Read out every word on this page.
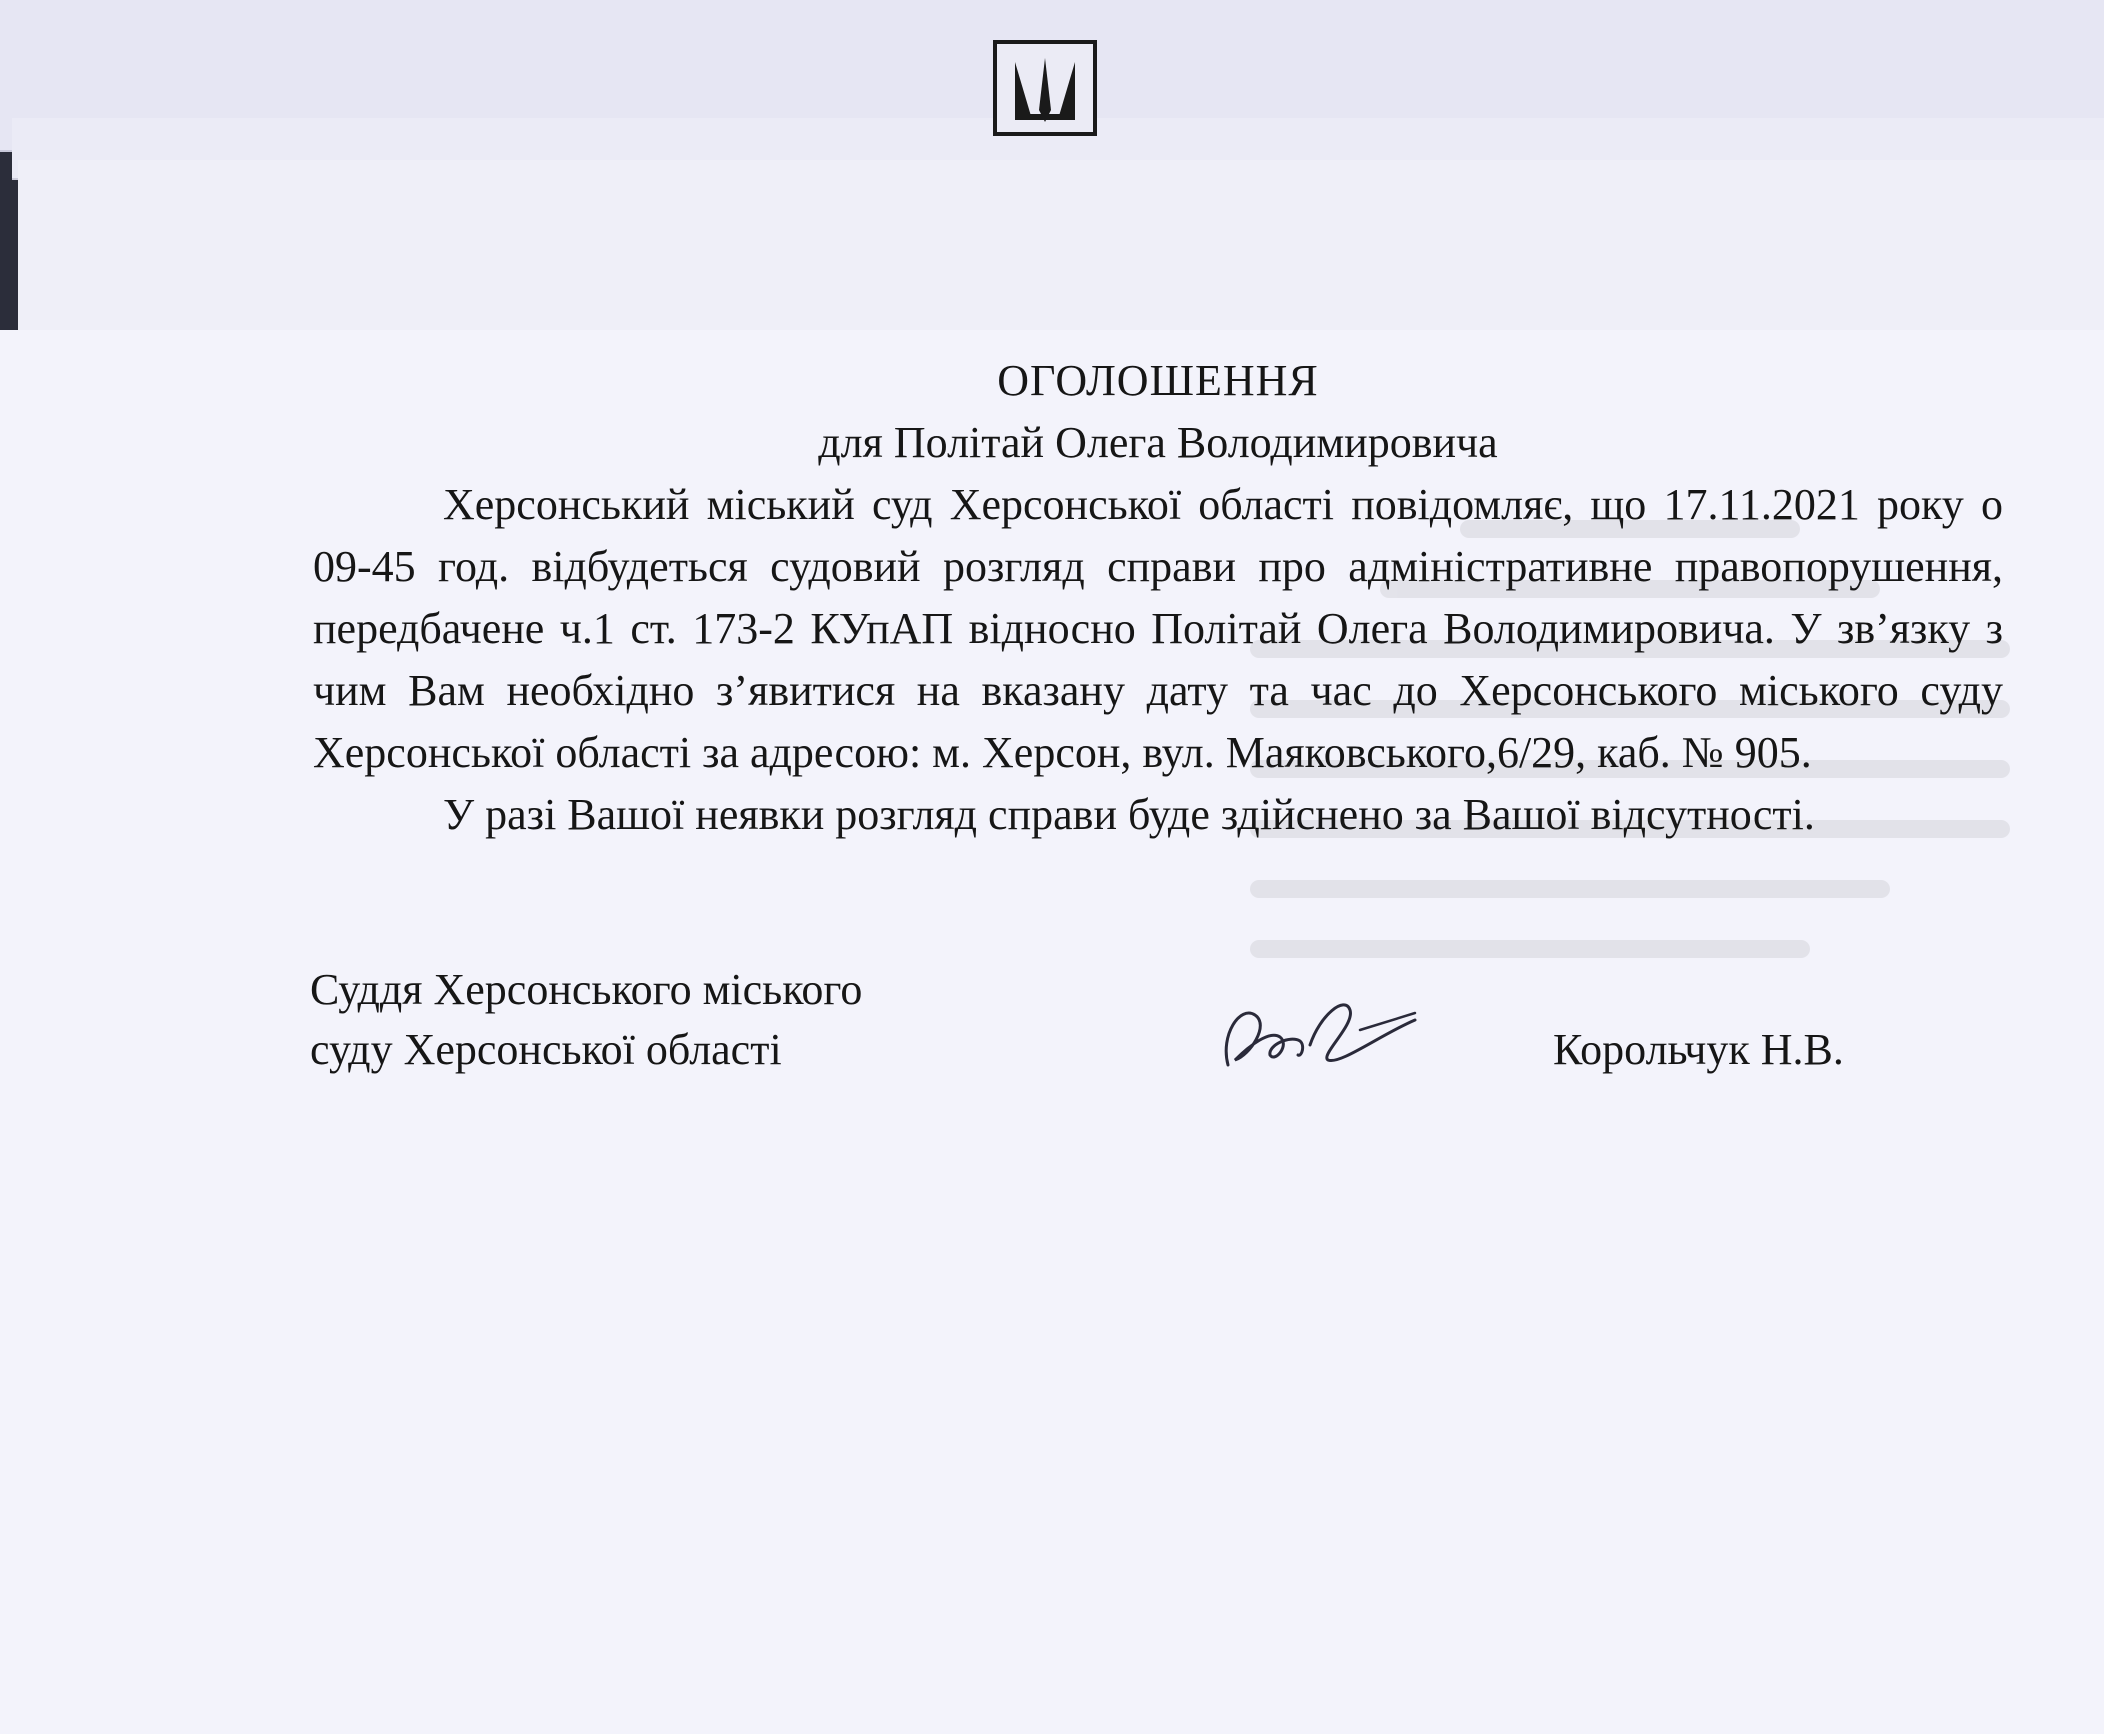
ОГОЛОШЕННЯ

для Політай Олега Володимировича

Херсонський міський суд Херсонської області повідомляє, що 17.11.2021 року о 09-45 год. відбудеться судовий розгляд справи про адміністративне правопорушення, передбачене ч.1 ст. 173-2 КУпАП відносно Політай Олега Володимировича. У зв’язку з чим Вам необхідно з’явитися на вказану дату та час до Херсонського міського суду Херсонської області за адресою: м. Херсон, вул. Маяковського,6/29, каб. № 905.

У разі Вашої неявки розгляд справи буде здійснено за Вашої відсутності.

Суддя Херсонського міського
суду Херсонської області	Корольчук Н.В.
